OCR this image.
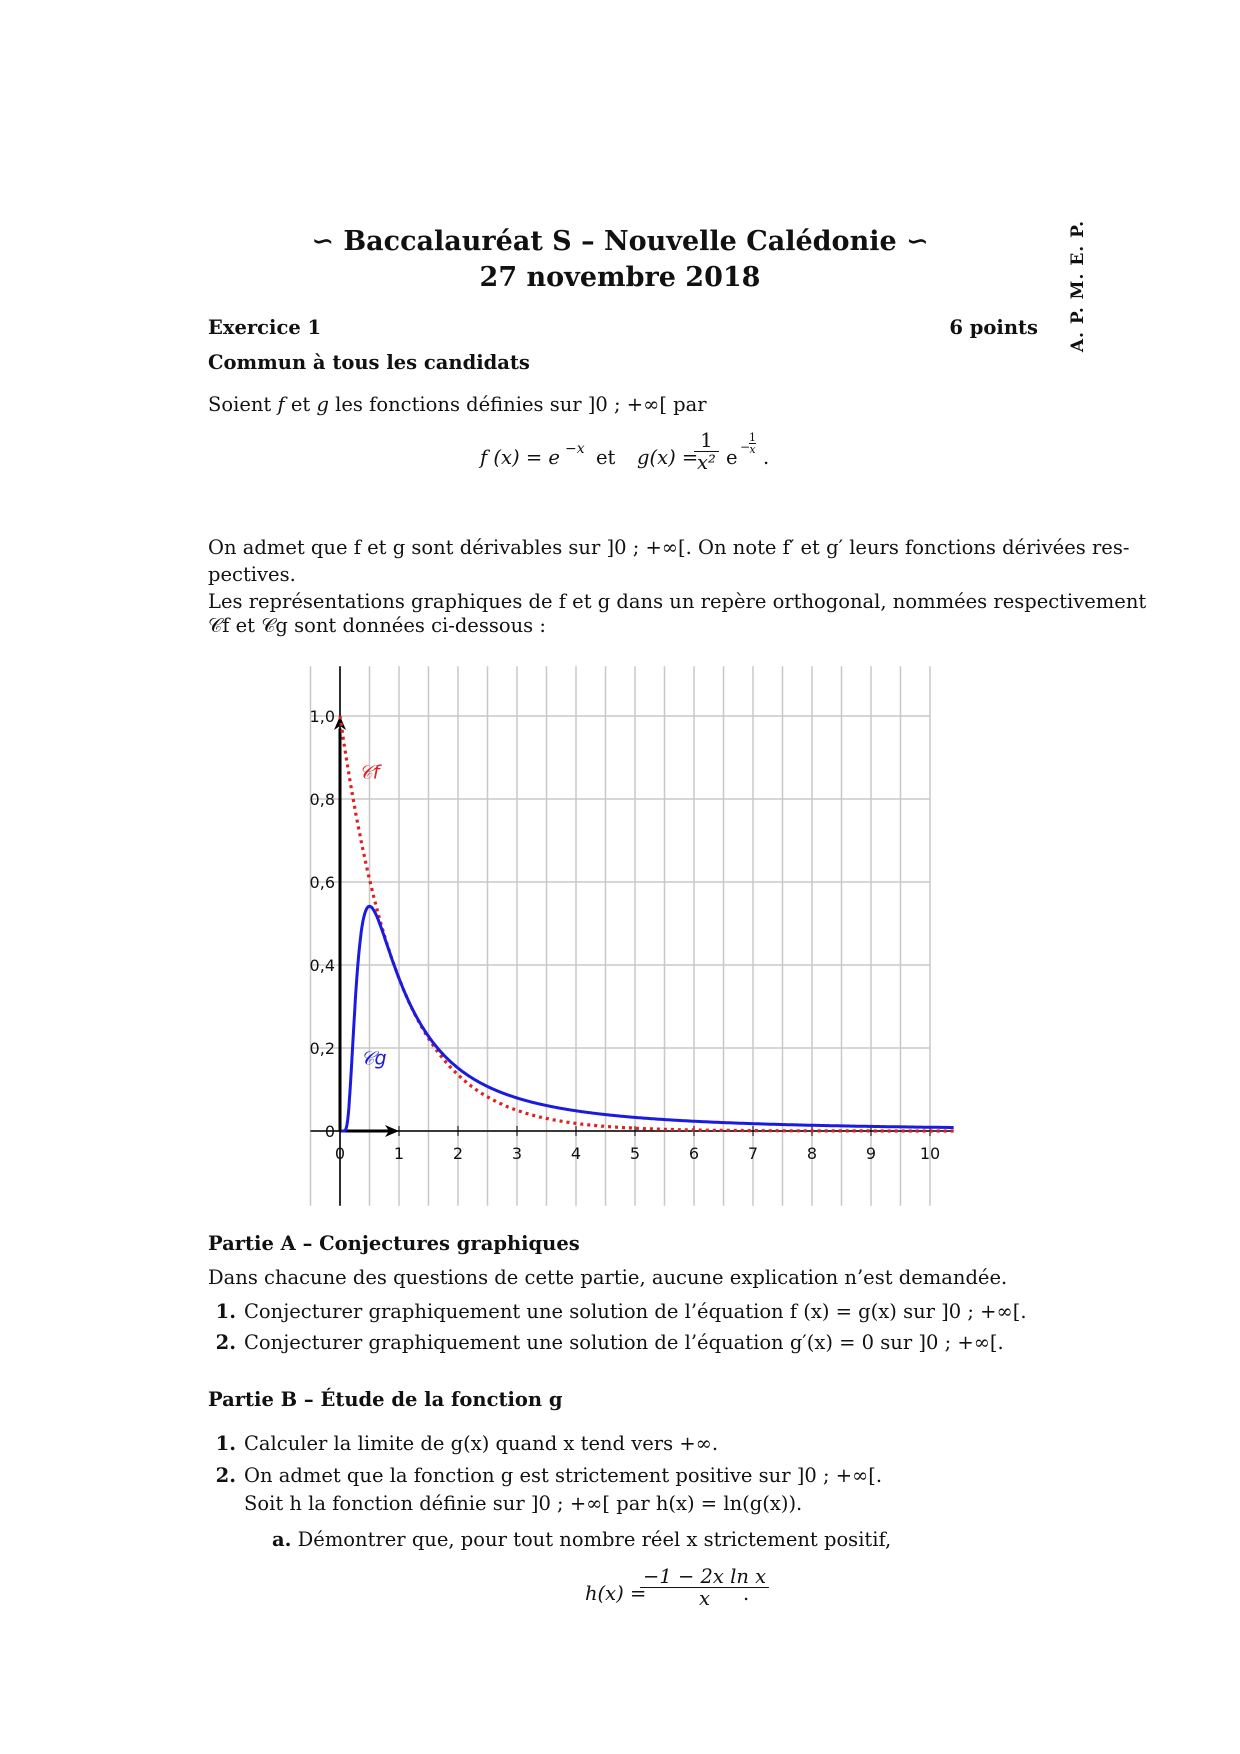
A. P. M. E. P.
∽ Baccalauréat S – Nouvelle Calédonie ∽
27 novembre 2018
Exercice 1	6 points
Commun à tous les candidats
Soient f et g les fonctions définies sur ]0 ; +∞[ par
f (x) = e −x et g(x) =
$\frac{1}{\text{x²}}$ e −
1
x .
On admet que f et g sont dérivables sur ]0 ; +∞[. On note f′ et g′ leurs fonctions dérivées res-
pectives.
Les représentations graphiques de f et g dans un repère orthogonal, nommées respectivement
𝒞f et 𝒞g sont données ci-dessous :
0	1	2	3	4	5	6	7	8	9	10
0
0,2
0,4
0,6
0,8
1,0
𝒞f
𝒞g
Partie A – Conjectures graphiques
Dans chacune des questions de cette partie, aucune explication n’est demandée.
1. Conjecturer graphiquement une solution de l’équation f (x) = g(x) sur ]0 ; +∞[.
2. Conjecturer graphiquement une solution de l’équation g′(x) = 0 sur ]0 ; +∞[.
Partie B – Étude de la fonction g
1. Calculer la limite de g(x) quand x tend vers +∞.
2. On admet que la fonction g est strictement positive sur ]0 ; +∞[.
Soit h la fonction définie sur ]0 ; +∞[ par h(x) = ln(g(x)).
a. Démontrer que, pour tout nombre réel x strictement positif,
h(x) =
$\frac{\text{−1 − 2x ln x}}{x}$
.
